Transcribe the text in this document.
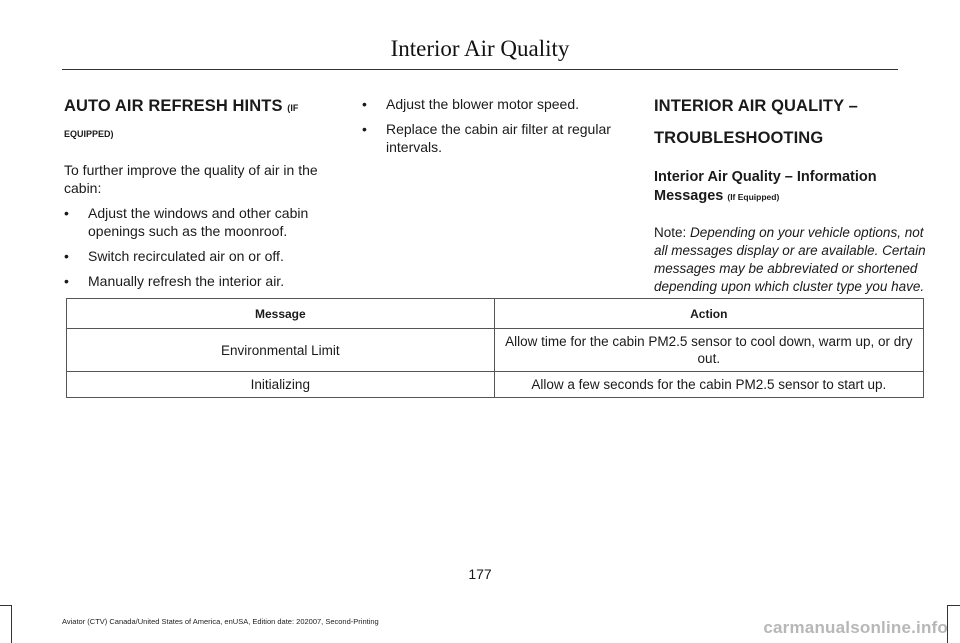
Interior Air Quality
AUTO AIR REFRESH HINTS (IF
EQUIPPED)

To further improve the quality of air in the cabin:

• Adjust the windows and other cabin openings such as the moonroof.
• Switch recirculated air on or off.
• Manually refresh the interior air.
• Adjust the blower motor speed.
• Replace the cabin air filter at regular intervals.
INTERIOR AIR QUALITY –
TROUBLESHOOTING
Interior Air Quality – Information Messages (If Equipped)

Note: Depending on your vehicle options, not all messages display or are available. Certain messages may be abbreviated or shortened depending upon which cluster type you have.

Message	Action
Environmental Limit	Allow time for the cabin PM2.5 sensor to cool down, warm up, or dry out.
Initializing	Allow a few seconds for the cabin PM2.5 sensor to start up.
177
Aviator (CTV) Canada/United States of America, enUSA, Edition date: 202007, Second-Printing	carmanualsonline.info
